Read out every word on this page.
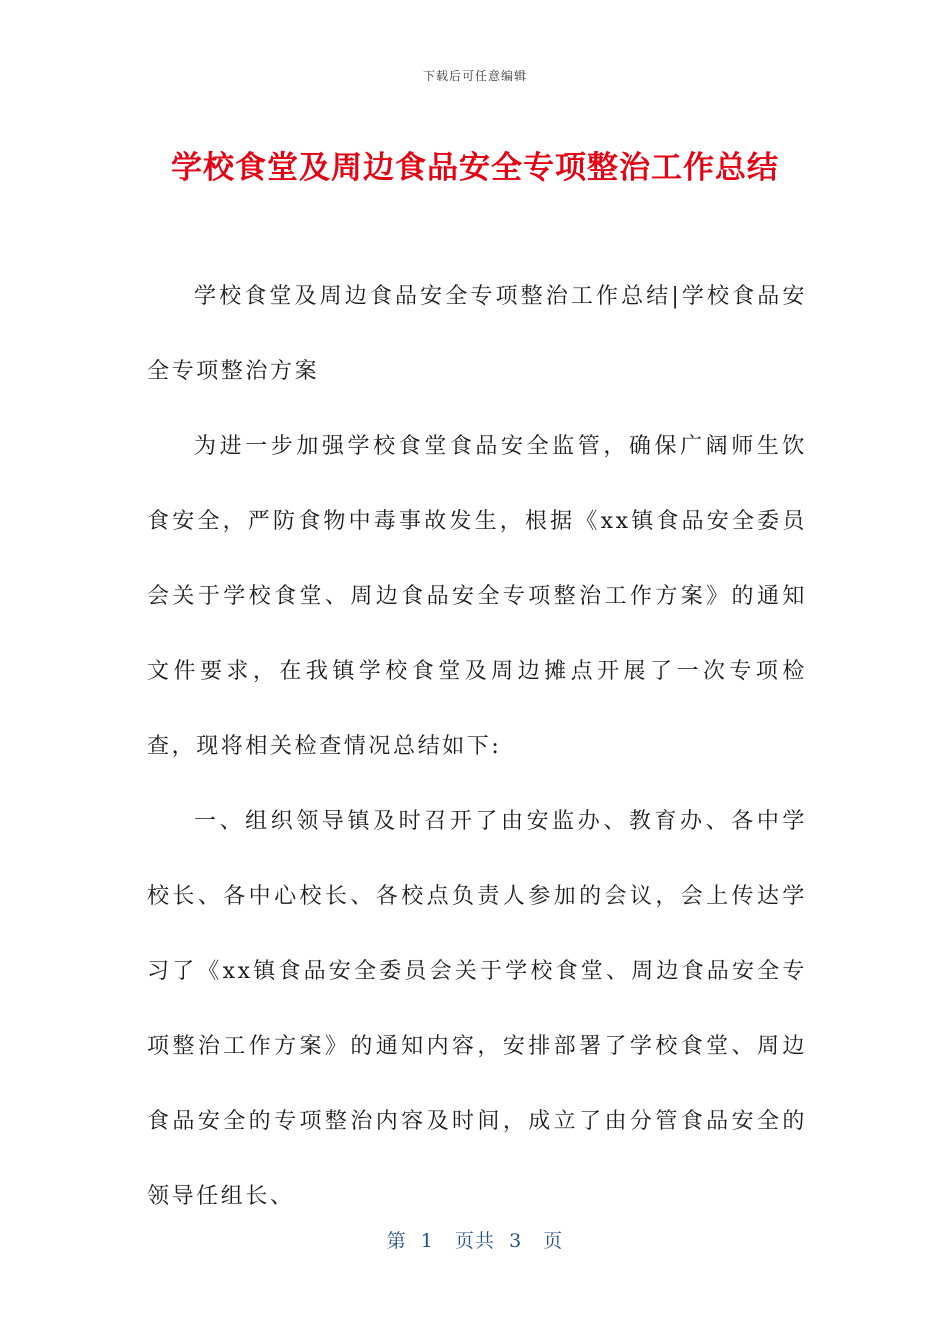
下载后可任意编辑
学校食堂及周边食品安全专项整治工作总结

学校食堂及周边食品安全专项整治工作总结|学校食品安全专项整治方案

为进一步加强学校食堂食品安全监管，确保广阔师生饮食安全，严防食物中毒事故发生，根据《xx镇食品安全委员会关于学校食堂、周边食品安全专项整治工作方案》的通知文件要求，在我镇学校食堂及周边摊点开展了一次专项检查，现将相关检查情况总结如下:

一、组织领导镇及时召开了由安监办、教育办、各中学校长、各中心校长、各校点负责人参加的会议，会上传达学习了《xx镇食品安全委员会关于学校食堂、周边食品安全专项整治工作方案》的通知内容，安排部署了学校食堂、周边食品安全的专项整治内容及时间，成立了由分管食品安全的领导任组长、

第  1   页共  3   页
